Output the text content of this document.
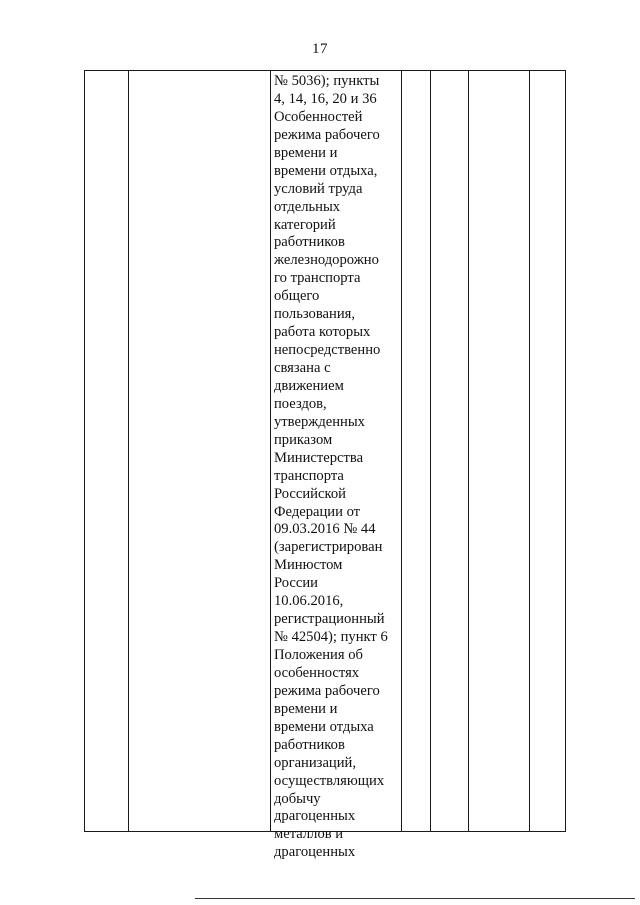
17
№ 5036); пункты
4, 14, 16, 20 и 36
Особенностей
режима рабочего
времени и
времени отдыха,
условий труда
отдельных
категорий
работников
железнодорожно
го транспорта
общего
пользования,
работа которых
непосредственно
связана с
движением
поездов,
утвержденных
приказом
Министерства
транспорта
Российской
Федерации от
09.03.2016 № 44
(зарегистрирован
Минюстом
России
10.06.2016,
регистрационный
№ 42504); пункт 6
Положения об
особенностях
режима рабочего
времени и
времени отдыха
работников
организаций,
осуществляющих
добычу
драгоценных
металлов и
драгоценных
